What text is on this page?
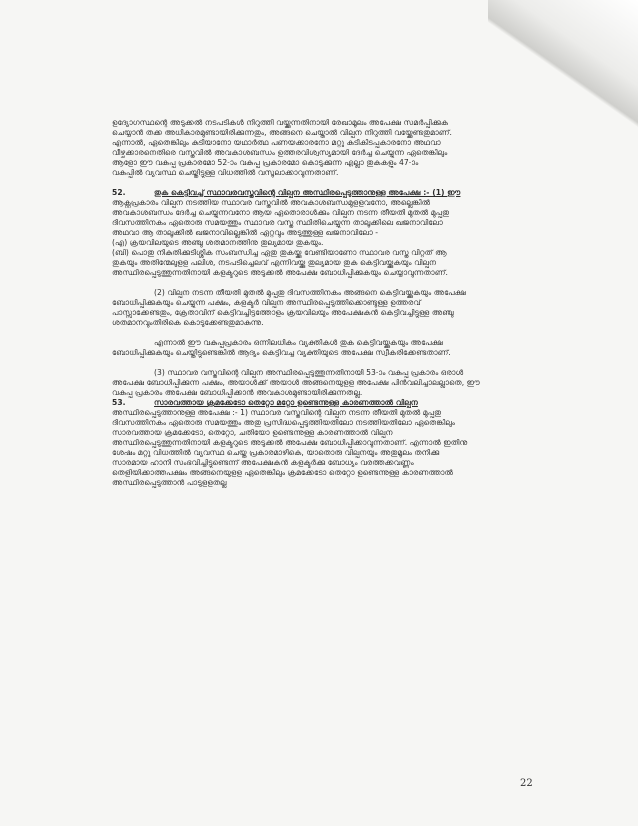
ഉദ്യോഗസ്ഥന്റെ അടുക്കൽ നടപടികൾ നിറുത്തി വയ്ക്കുന്നതിനായി രേഖാമൂലം അപേക്ഷ സമർപ്പിക്കുക
ചെയ്യാൻ തക്ക അധികാരമുണ്ടായിരിക്കുന്നതും, അങ്ങനെ ചെയ്താൽ വില്പന നിറുത്തി വയ്ക്കേണ്ടതുമാണ്.
എന്നാൽ, ഏതെങ്കിലും കുടിയാനോ യഥാർത്ഥ പണയക്കാരനോ മറ്റു കുടികിടപ്പുകാരനോ അഥവാ
വീഴ്ചക്കാരനെതിരെ വസ്തുവിൽ അവകാശബന്ധം ഉത്തരവിശ്വസ്യമായി ദേർച്ച ചെയ്യുന്ന ഏതെങ്കിലും
ആളോ ഈ വകുപ്പു പ്രകാരമോ 52-ാം വകുപ്പു പ്രകാരമോ കൊടുക്കുന്ന എല്ലാ തുകകളും 47-ാം
വകുപ്പിൽ വ്യവസ്ഥ ചെയ്തിട്ടുള്ള വിധത്തിൽ വസൂലാക്കാവുന്നതാണ്.
52.	തുക കെട്ടിവച്ച് സ്ഥാവരവസ്തുവിന്റെ വില്പന അസ്ഥിരപ്പെടുത്താനുള്ള അപേക്ഷ :- (1) ഈ
ആക്റ്റുപ്രകാരം വില്പന നടത്തിയ സ്ഥാവര വസ്തുവിൽ അവകാശബന്ധമുളളവനോ, അല്ലെങ്കിൽ
അവകാശബന്ധം ദേർച്ച ചെയ്യുന്നവനോ ആയ ഏതൊരാൾക്കും വില്പന നടന്ന തീയതി മുതൽ മുപ്പതു
ദിവസത്തിനകം ഏതൊരു സമയത്തും സ്ഥാവര വസ്തു സ്ഥിതിചെയ്യുന്ന താലൂക്കിലെ ഖജനാവിലോ
അഥവാ ആ താലൂക്കിൽ ഖജനാവില്ലെങ്കിൽ ഏറ്റവും അടുത്തുള്ള ഖജനാവിലോ -
(എ) ക്രയവിലയുടെ അഞ്ചു ശതമാനത്തിനു തുല്യമായ തുകയും.
(ബി) പൊതു നികുതിക്കുടിശ്ശിക സംബന്ധിച്ച ഏതു തുകയ്ക്കു വേണ്ടിയാണോ സ്ഥാവര വസ്തു വിറ്റത് ആ
തുകയും അതിന്മേലുളള പലിശ, നടപടിച്ചെലവ് എന്നിവയ്ക്കു തുല്യമായ തുക കെട്ടിവയ്ക്കുകയും വില്പന
അസ്ഥിരപ്പെടുത്തുന്നതിനായി കളക്ടറുടെ അടുക്കൽ അപേക്ഷ ബോധിപ്പിക്കുകയും ചെയ്യാവുന്നതാണ്.
(2) വില്പന നടന്ന തീയതി മുതൽ മുപ്പതു ദിവസത്തിനകം അങ്ങനെ കെട്ടിവയ്ക്കുകയും അപേക്ഷ
ബോധിപ്പിക്കുകയും ചെയ്യുന്ന പക്ഷം, കളക്ടർ വില്പന അസ്ഥിരപ്പെടുത്തിക്കൊണ്ടുള്ള ഉത്തരവ്
പാസ്സാക്കേണ്ടതും, ക്രേതാവിന് കെട്ടിവച്ചിട്ടത്തോളം ക്രയവിലയും അപേക്ഷകൻ കെട്ടിവച്ചിട്ടുള്ള അഞ്ചു
ശതമാനവുംതിരികെ കൊടുക്കേണ്ടതുമാകുന്നു.
എന്നാൽ ഈ വകുപ്പുപ്രകാരം ഒന്നിലധികം വ്യക്തികൾ തുക കെട്ടിവയ്ക്കുകയും അപേക്ഷ
ബോധിപ്പിക്കുകയും ചെയ്തിട്ടുണ്ടെങ്കിൽ ആദ്യം കെട്ടിവച്ച വ്യക്തിയുടെ അപേക്ഷ സ്വീകരിക്കേണ്ടതാണ്.
(3) സ്ഥാവര വസ്തുവിന്റെ വില്പന അസ്ഥിരപ്പെടുത്തുന്നതിനായി 53-ാം വകുപ്പു പ്രകാരം ഒരാൾ
അപേക്ഷ ബോധിപ്പിക്കുന്ന പക്ഷം, അയാൾക്ക് അയാൾ അങ്ങനെയുളള അപേക്ഷ പിൻവലിച്ചാലല്ലാതെ, ഈ
വകുപ്പു പ്രകാരം അപേക്ഷ ബോധിപ്പിക്കാൻ അവകാശമുണ്ടായിരിക്കുന്നതല്ല.
53.	സാരവത്തായ ക്രമക്കേടോ തെറ്റോ മറ്റോ ഉണ്ടെന്നുള്ള കാരണത്താൽ വില്പന
അസ്ഥിരപ്പെടുത്താനുള്ള അപേക്ഷ :- 1) സ്ഥാവര വസ്തുവിന്റെ വില്പന നടന്ന തീയതി മുതൽ മുപ്പതു
ദിവസത്തിനകം ഏതൊരു സമയത്തും അതു പ്രസിദ്ധപ്പെടുത്തിയതിലോ നടത്തിയതിലോ ഏതെങ്കിലും
സാരവത്തായ ക്രമക്കേടോ, തെറ്റോ, ചതിയോ ഉണ്ടെന്നുള്ള കാരണത്താൽ വില്പന
അസ്ഥിരപ്പെടുത്തുന്നതിനായി കളക്ടറുടെ അടുക്കൽ അപേക്ഷ ബോധിപ്പിക്കാവുന്നതാണ്. എന്നാൽ ഇതിനു
ശേഷം മറ്റു വിധത്തിൽ വ്യവസ്ഥ ചെയ്ത പ്രകാരമാഴികെ, യാതൊരു വില്പനയും അതുമൂലം തനിക്കു
സാരമായ ഹാനി സംഭവിച്ചിട്ടുണ്ടെന്ന് അപേക്ഷകൻ കളക്ടർക്കു ബോധ്യം വരത്തക്കവണ്ണം
തെളിയിക്കാത്തപക്ഷം അങ്ങനെയുളള ഏതെങ്കിലും ക്രമക്കേടോ തെറ്റോ ഉണ്ടെന്നുള്ള കാരണത്താൽ
അസ്ഥിരപ്പെടുത്താൻ പാടുളളതല്ല
22
